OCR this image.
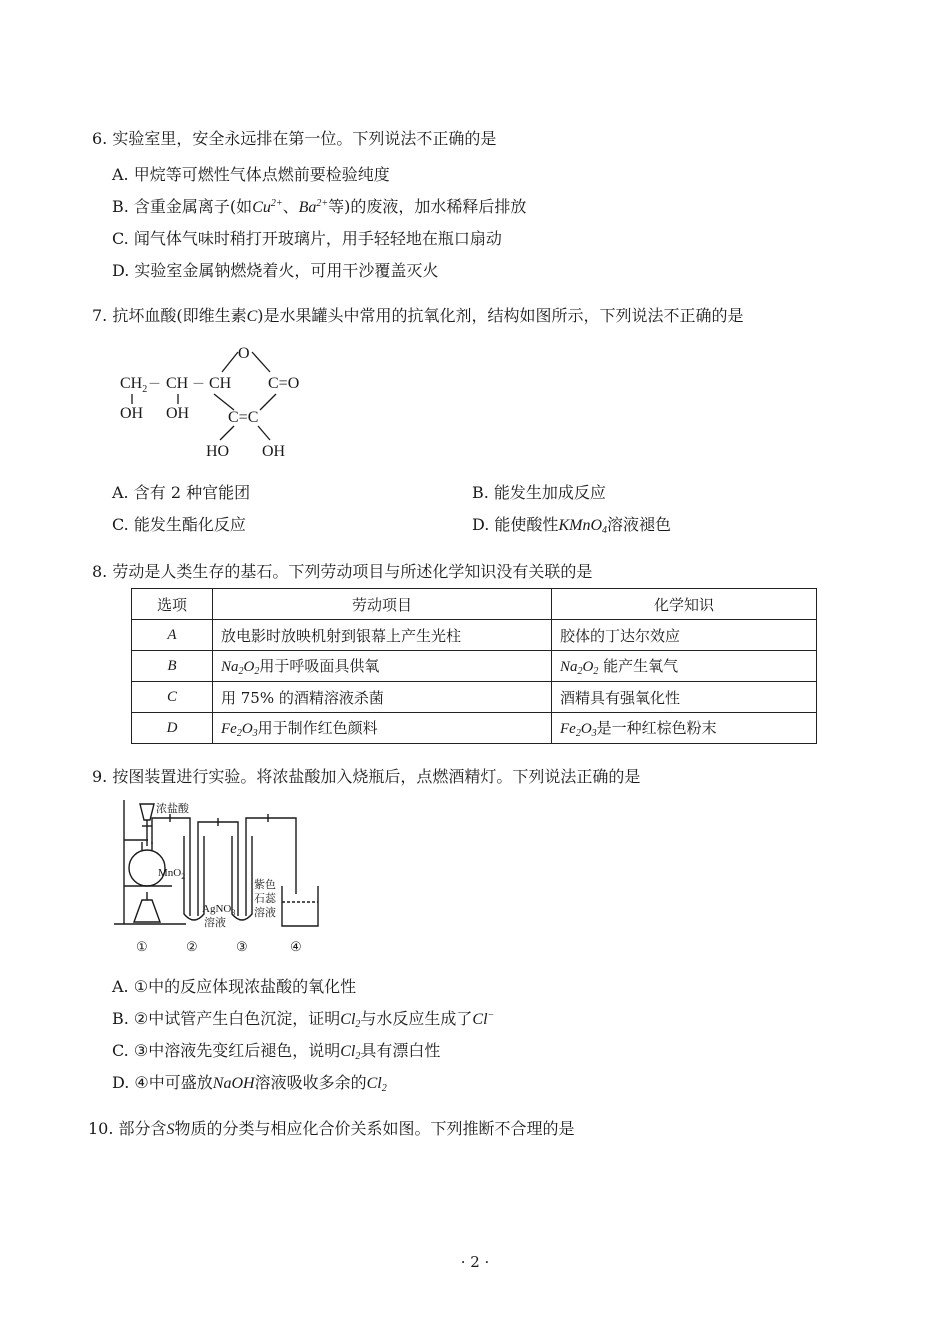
6. 实验室里，安全永远排在第一位。下列说法不正确的是
A. 甲烷等可燃性气体点燃前要检验纯度
B. 含重金属离子(如$Cu^{2+}$、$Ba^{2+}$等)的废液，加水稀释后排放
C. 闻气体气味时稍打开玻璃片，用手轻轻地在瓶口扇动
D. 实验室金属钠燃烧着火，可用干沙覆盖灭火
7. 抗坏血酸(即维生素C)是水果罐头中常用的抗氧化剂，结构如图所示，下列说法不正确的是
$CH_2$ － CH － CH
O
C=O
C=C
OH OH
HO OH
A. 含有 2 种官能团	B. 能发生加成反应
C. 能发生酯化反应	D. 能使酸性KMnO$_4$溶液褪色
8. 劳动是人类生存的基石。下列劳动项目与所述化学知识没有关联的是
选项	劳动项目	化学知识
A	放电影时放映机射到银幕上产生光柱	胶体的丁达尔效应
B	$Na_2O_2$用于呼吸面具供氧	$Na_2O_2$ 能产生氧气
C	用 75% 的酒精溶液杀菌	酒精具有强氧化性
D	$Fe_2O_3$用于制作红色颜料	$Fe_2O_3$是一种红棕色粉末
9. 按图装置进行实验。将浓盐酸加入烧瓶后，点燃酒精灯。下列说法正确的是
浓盐酸
MnO$_2$
AgNO$_3$
溶液
紫色
石蕊
溶液
①	②	③	④
A. ①中的反应体现浓盐酸的氧化性
B. ②中试管产生白色沉淀，证明$Cl_2$与水反应生成了Cl−
C. ③中溶液先变红后褪色，说明$Cl_2$具有漂白性
D. ④中可盛放NaOH溶液吸收多余的$Cl_2$
10. 部分含S物质的分类与相应化合价关系如图。下列推断不合理的是
· 2 ·
